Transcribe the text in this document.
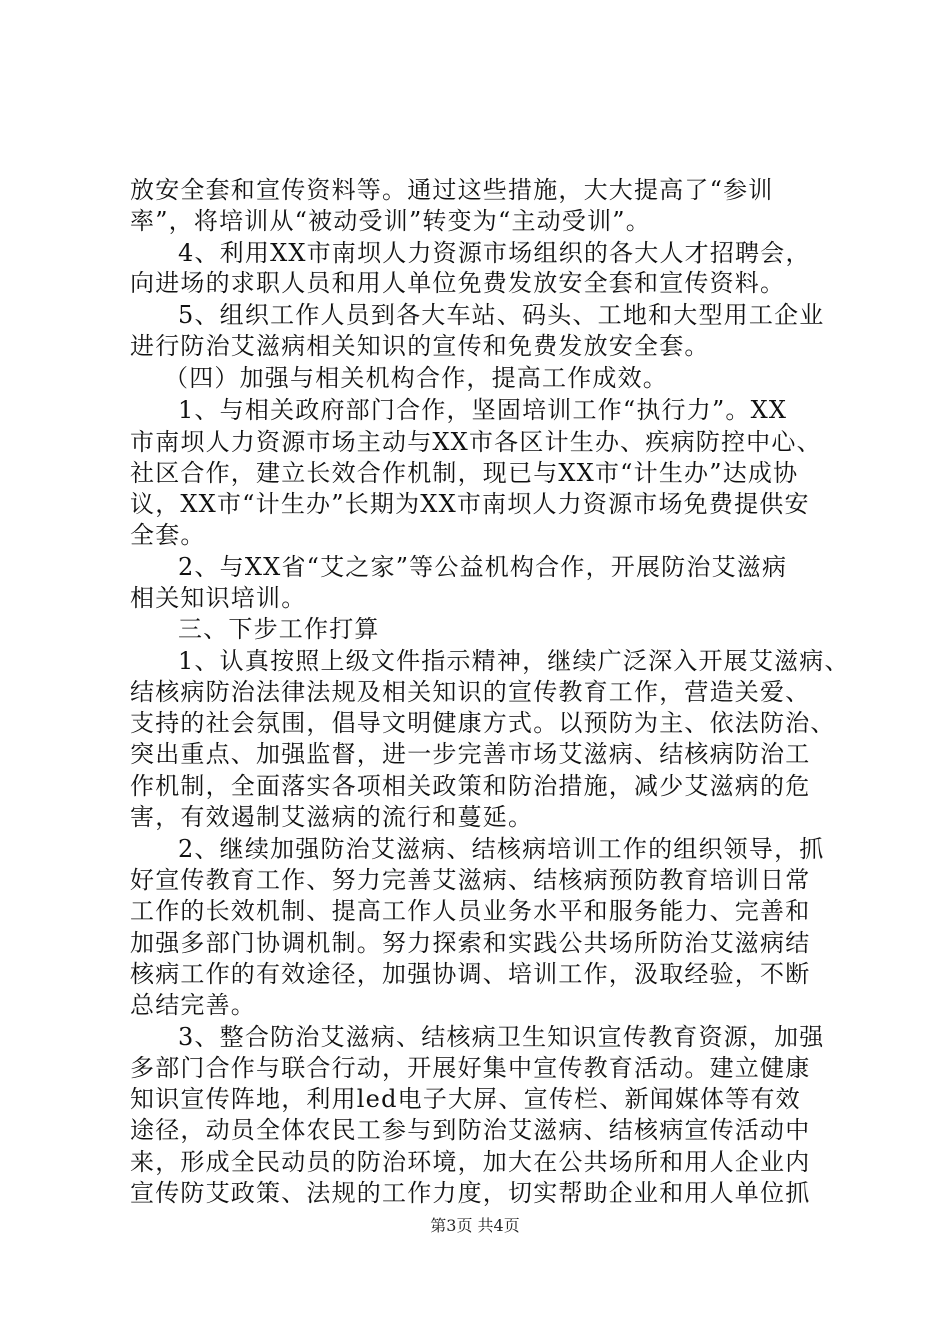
放安全套和宣传资料等。通过这些措施，大大提高了“参训
率”，将培训从“被动受训”转变为“主动受训”。
4、利用XX市南坝人力资源市场组织的各大人才招聘会，
向进场的求职人员和用人单位免费发放安全套和宣传资料。
5、组织工作人员到各大车站、码头、工地和大型用工企业
进行防治艾滋病相关知识的宣传和免费发放安全套。
（四）加强与相关机构合作，提高工作成效。
1、与相关政府部门合作，坚固培训工作“执行力”。XX
市南坝人力资源市场主动与XX市各区计生办、疾病防控中心、
社区合作，建立长效合作机制，现已与XX市“计生办”达成协
议，XX市“计生办”长期为XX市南坝人力资源市场免费提供安
全套。
2、与XX省“艾之家”等公益机构合作，开展防治艾滋病
相关知识培训。
三、下步工作打算
1、认真按照上级文件指示精神，继续广泛深入开展艾滋病、
结核病防治法律法规及相关知识的宣传教育工作，营造关爱、
支持的社会氛围，倡导文明健康方式。以预防为主、依法防治、
突出重点、加强监督，进一步完善市场艾滋病、结核病防治工
作机制，全面落实各项相关政策和防治措施，减少艾滋病的危
害，有效遏制艾滋病的流行和蔓延。
2、继续加强防治艾滋病、结核病培训工作的组织领导，抓
好宣传教育工作、努力完善艾滋病、结核病预防教育培训日常
工作的长效机制、提高工作人员业务水平和服务能力、完善和
加强多部门协调机制。努力探索和实践公共场所防治艾滋病结
核病工作的有效途径，加强协调、培训工作，汲取经验，不断
总结完善。
3、整合防治艾滋病、结核病卫生知识宣传教育资源，加强
多部门合作与联合行动，开展好集中宣传教育活动。建立健康
知识宣传阵地，利用led电子大屏、宣传栏、新闻媒体等有效
途径，动员全体农民工参与到防治艾滋病、结核病宣传活动中
来，形成全民动员的防治环境，加大在公共场所和用人企业内
宣传防艾政策、法规的工作力度，切实帮助企业和用人单位抓
第3页 共4页
